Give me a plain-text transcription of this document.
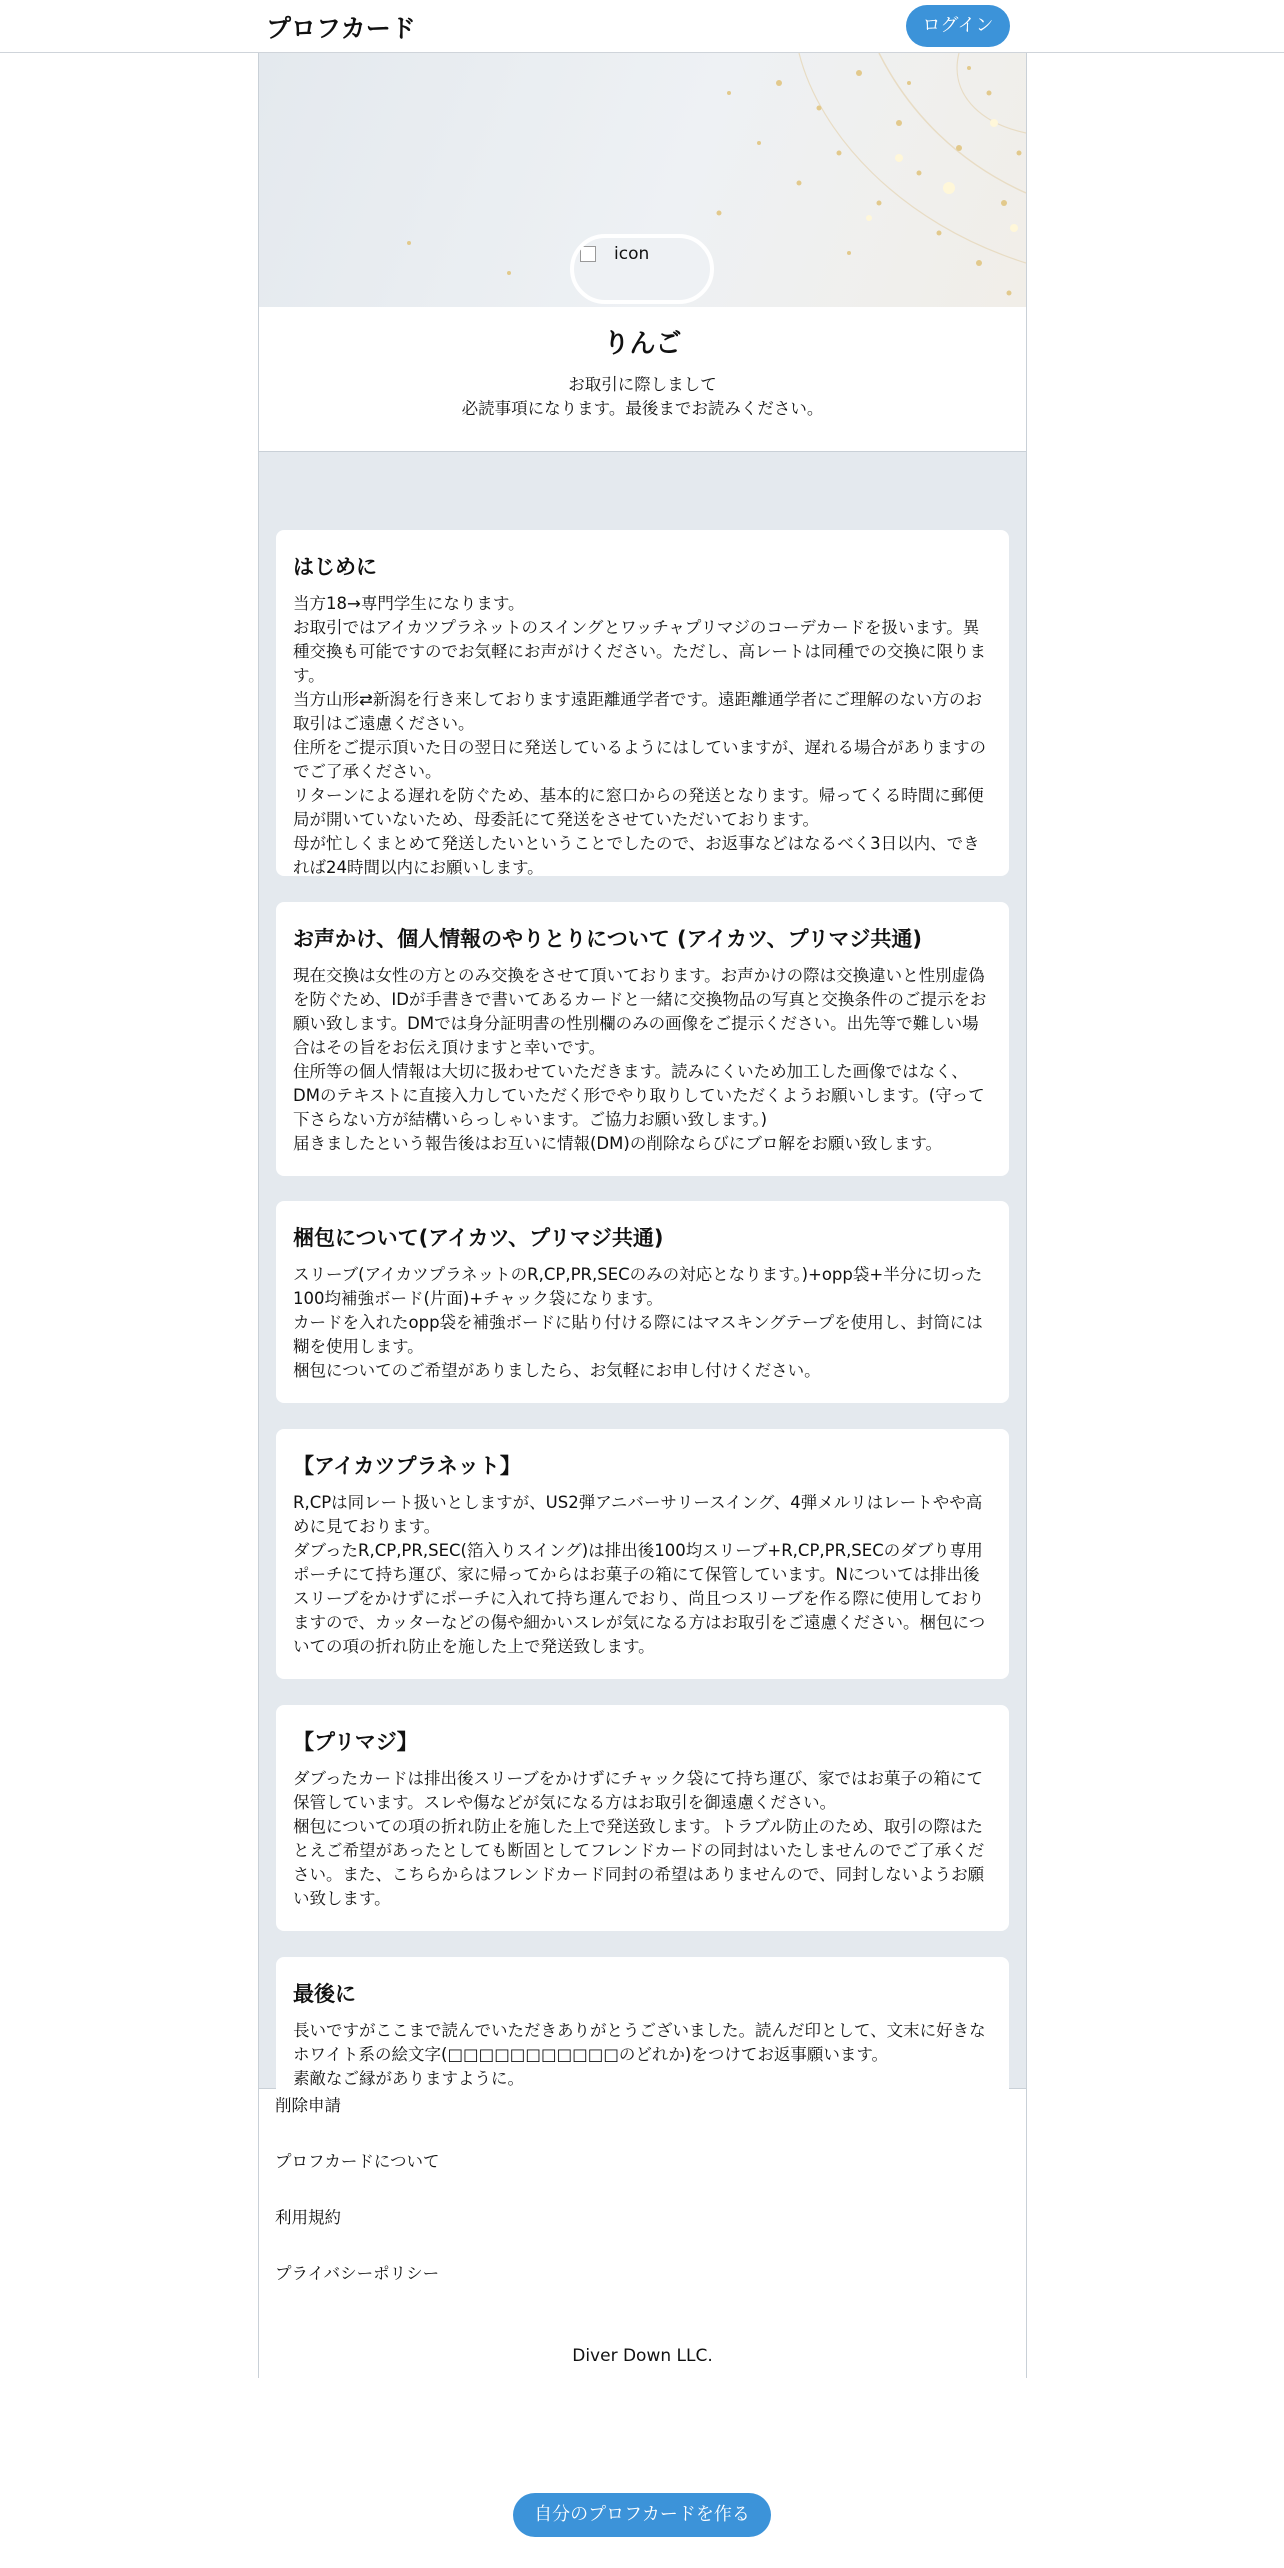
プロフカード	ログイン
icon
りんご
お取引に際しまして
必読事項になります。最後までお読みください。
はじめに

当方18→専門学生になります。

お取引ではアイカツプラネットのスイングとワッチャプリマジのコーデカードを扱います。異種交換も可能ですのでお気軽にお声がけください。ただし、高レートは同種での交換に限ります。

当方山形⇄新潟を行き来しております遠距離通学者です。遠距離通学者にご理解のない方のお取引はご遠慮ください。

住所をご提示頂いた日の翌日に発送しているようにはしていますが、遅れる場合がありますのでご了承ください。

リターンによる遅れを防ぐため、基本的に窓口からの発送となります。帰ってくる時間に郵便局が開いていないため、母委託にて発送をさせていただいております。

母が忙しくまとめて発送したいということでしたので、お返事などはなるべく3日以内、できれば24時間以内にお願いします。

お声かけ、個人情報のやりとりについて (アイカツ、プリマジ共通)

現在交換は女性の方とのみ交換をさせて頂いております。お声かけの際は交換違いと性別虚偽を防ぐため、IDが手書きで書いてあるカードと一緒に交換物品の写真と交換条件のご提示をお願い致します。DMでは身分証明書の性別欄のみの画像をご提示ください。出先等で難しい場合はその旨をお伝え頂けますと幸いです。

住所等の個人情報は大切に扱わせていただきます。読みにくいため加工した画像ではなく、DMのテキストに直接入力していただく形でやり取りしていただくようお願いします。(守って下さらない方が結構いらっしゃいます。ご協力お願い致します。)

届きましたという報告後はお互いに情報(DM)の削除ならびにブロ解をお願い致します。

梱包について(アイカツ、プリマジ共通)

スリーブ(アイカツプラネットのR,CP,PR,SECのみの対応となります。)+opp袋+半分に切った100均補強ボード(片面)+チャック袋になります。

カードを入れたopp袋を補強ボードに貼り付ける際にはマスキングテープを使用し、封筒には糊を使用します。

梱包についてのご希望がありましたら、お気軽にお申し付けください。

【アイカツプラネット】

R,CPは同レート扱いとしますが、US2弾アニバーサリースイング、4弾メルリはレートやや高めに見ております。

ダブったR,CP,PR,SEC(箔入りスイング)は排出後100均スリーブ+R,CP,PR,SECのダブり専用ポーチにて持ち運び、家に帰ってからはお菓子の箱にて保管しています。Nについては排出後スリーブをかけずにポーチに入れて持ち運んでおり、尚且つスリーブを作る際に使用しておりますので、カッターなどの傷や細かいスレが気になる方はお取引をご遠慮ください。梱包についての項の折れ防止を施した上で発送致します。

【プリマジ】

ダブったカードは排出後スリーブをかけずにチャック袋にて持ち運び、家ではお菓子の箱にて保管しています。スレや傷などが気になる方はお取引を御遠慮ください。

梱包についての項の折れ防止を施した上で発送致します。トラブル防止のため、取引の際はたとえご希望があったとしても断固としてフレンドカードの同封はいたしませんのでご了承ください。また、こちらからはフレンドカード同封の希望はありませんので、同封しないようお願い致します。

最後に

長いですがここまで読んでいただきありがとうございました。読んだ印として、文末に好きなホワイト系の絵文字(□□□□□□□□□□□のどれか)をつけてお返事願います。

素敵なご縁がありますように。

削除申請
プロフカードについて
利用規約
プライバシーポリシー
Diver Down LLC.
自分のプロフカードを作る
